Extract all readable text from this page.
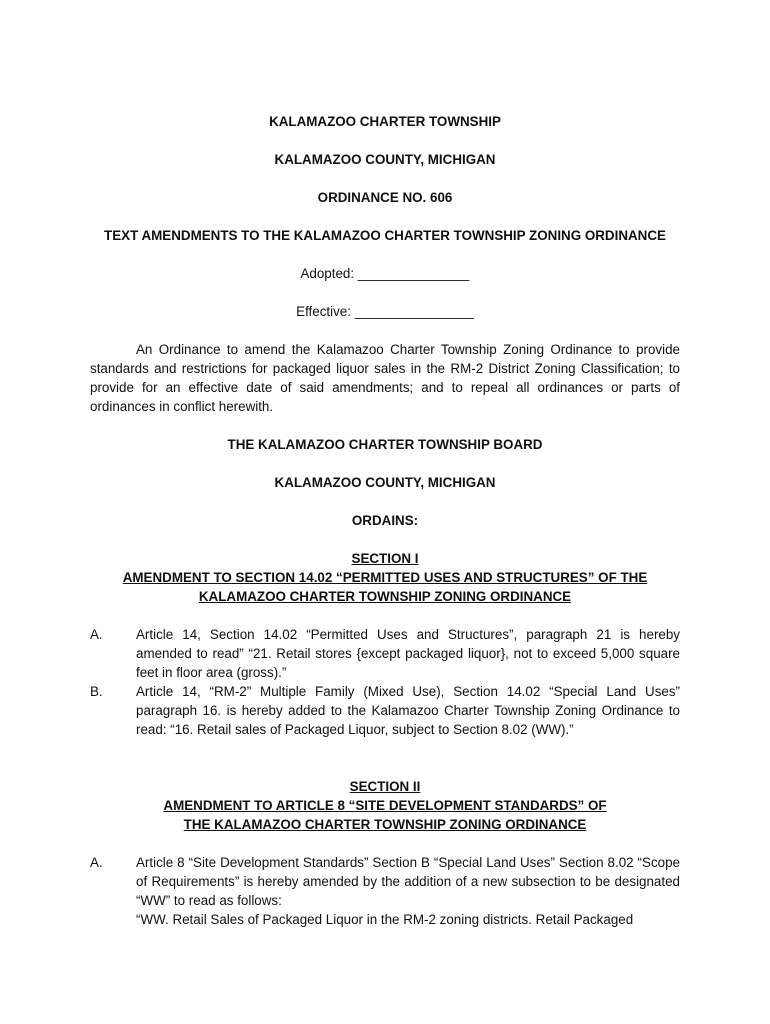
KALAMAZOO CHARTER TOWNSHIP
KALAMAZOO COUNTY, MICHIGAN
ORDINANCE NO. 606
TEXT AMENDMENTS TO THE KALAMAZOO CHARTER TOWNSHIP ZONING ORDINANCE
Adopted: _______________
Effective: ________________

An Ordinance to amend the Kalamazoo Charter Township Zoning Ordinance to provide standards and restrictions for packaged liquor sales in the RM-2 District Zoning Classification; to provide for an effective date of said amendments; and to repeal all ordinances or parts of ordinances in conflict herewith.

THE KALAMAZOO CHARTER TOWNSHIP BOARD
KALAMAZOO COUNTY, MICHIGAN
ORDAINS:
SECTION I
AMENDMENT TO SECTION 14.02 “PERMITTED USES AND STRUCTURES” OF THE
KALAMAZOO CHARTER TOWNSHIP ZONING ORDINANCE
A.	Article 14, Section 14.02 “Permitted Uses and Structures”, paragraph 21 is hereby amended to read” “21. Retail stores {except packaged liquor}, not to exceed 5,000 square feet in floor area (gross).”
B.	Article 14, “RM-2” Multiple Family (Mixed Use), Section 14.02 “Special Land Uses” paragraph 16. is hereby added to the Kalamazoo Charter Township Zoning Ordinance to read: “16. Retail sales of Packaged Liquor, subject to Section 8.02 (WW).”
SECTION II
AMENDMENT TO ARTICLE 8 “SITE DEVELOPMENT STANDARDS” OF
THE KALAMAZOO CHARTER TOWNSHIP ZONING ORDINANCE
A.	Article 8 “Site Development Standards” Section B “Special Land Uses” Section 8.02 “Scope of Requirements” is hereby amended by the addition of a new subsection to be designated “WW” to read as follows:
“WW. Retail Sales of Packaged Liquor in the RM-2 zoning districts. Retail Packaged
